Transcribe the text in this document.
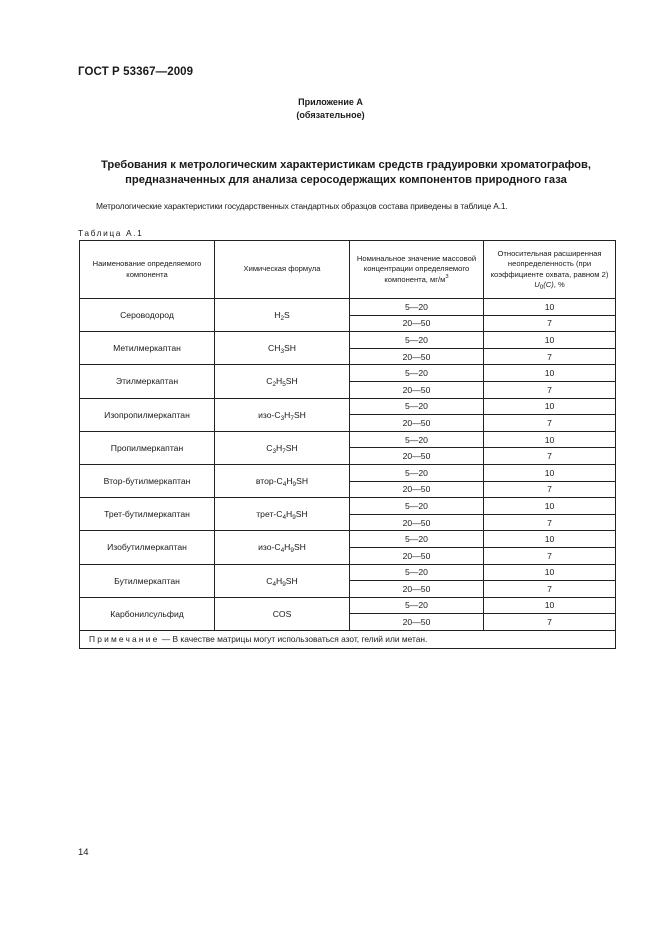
ГОСТ Р 53367—2009
Приложение А
(обязательное)
Требования к метрологическим характеристикам средств градуировки хроматографов,
предназначенных для анализа серосодержащих компонентов природного газа
Метрологические характеристики государственных стандартных образцов состава приведены в таблице А.1.
Таблица А.1
Наименование определяемого компонента	Химическая формула	Номинальное значение массовой концентрации определяемого компонента, $мг/м^3$	Относительная расширенная неопределенность (при коэффициенте охвата, равном 2) $U_0(C)$, %
Сероводород	$H_2S$	5—20	10
		20—50	7
Метилмеркаптан	$CH_3SH$	5—20	10
		20—50	7
Этилмеркаптан	$C_2H_5SH$	5—20	10
		20—50	7
Изопропилмеркаптан	изо-$C_3H_7SH$	5—20	10
		20—50	7
Пропилмеркаптан	$C_3H_7SH$	5—20	10
		20—50	7
Втор-бутилмеркаптан	втор-$C_4H_9SH$	5—20	10
		20—50	7
Трет-бутилмеркаптан	трет-$C_4H_9SH$	5—20	10
		20—50	7
Изобутилмеркаптан	изо-$C_4H_9SH$	5—20	10
		20—50	7
Бутилмеркаптан	$C_4H_9SH$	5—20	10
		20—50	7
Карбонилсульфид	COS	5—20	10
		20—50	7
Примечание — В качестве матрицы могут использоваться азот, гелий или метан.			
14
